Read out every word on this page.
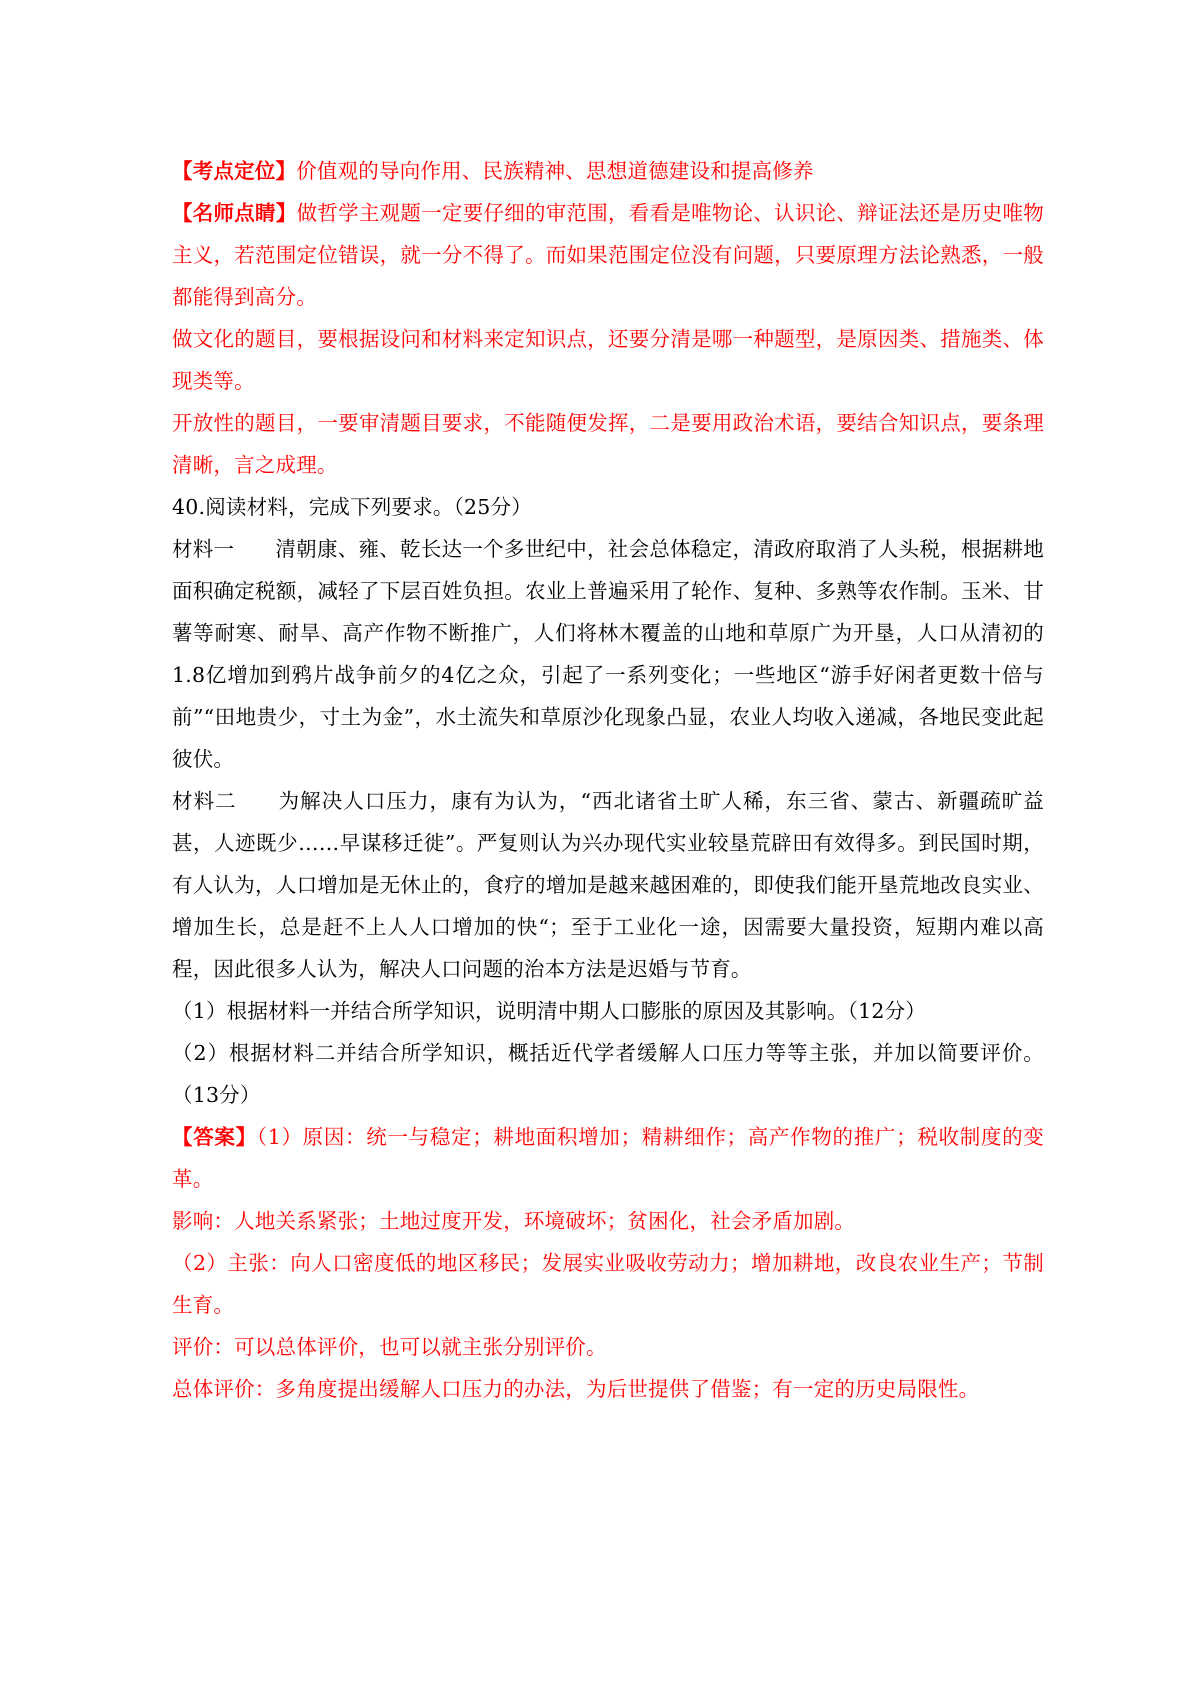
【考点定位】价值观的导向作用、民族精神、思想道德建设和提高修养

【名师点睛】做哲学主观题一定要仔细的审范围，看看是唯物论、认识论、辩证法还是历史唯物主义，若范围定位错误，就一分不得了。而如果范围定位没有问题，只要原理方法论熟悉，一般都能得到高分。

做文化的题目，要根据设问和材料来定知识点，还要分清是哪一种题型，是原因类、措施类、体现类等。

开放性的题目，一要审清题目要求，不能随便发挥，二是要用政治术语，要结合知识点，要条理清晰，言之成理。

40.阅读材料，完成下列要求。（25分）

材料一 清朝康、雍、乾长达一个多世纪中，社会总体稳定，清政府取消了人头税，根据耕地面积确定税额，减轻了下层百姓负担。农业上普遍采用了轮作、复种、多熟等农作制。玉米、甘薯等耐寒、耐旱、高产作物不断推广，人们将林木覆盖的山地和草原广为开垦，人口从清初的1.8亿增加到鸦片战争前夕的4亿之众，引起了一系列变化；一些地区“游手好闲者更数十倍与前”“田地贵少，寸土为金”，水土流失和草原沙化现象凸显，农业人均收入递减，各地民变此起彼伏。

材料二 为解决人口压力，康有为认为，“西北诸省土旷人稀，东三省、蒙古、新疆疏旷益甚，人迹既少……早谋移迁徙”。严复则认为兴办现代实业较垦荒辟田有效得多。到民国时期，有人认为，人口增加是无休止的，食疗的增加是越来越困难的，即使我们能开垦荒地改良实业、增加生长，总是赶不上人人口增加的快“；至于工业化一途，因需要大量投资，短期内难以高程，因此很多人认为，解决人口问题的治本方法是迟婚与节育。

（1）根据材料一并结合所学知识，说明清中期人口膨胀的原因及其影响。（12分）

（2）根据材料二并结合所学知识，概括近代学者缓解人口压力等等主张，并加以简要评价。（13分）

【答案】（1）原因：统一与稳定；耕地面积增加；精耕细作；高产作物的推广；税收制度的变革。

影响：人地关系紧张；土地过度开发，环境破坏；贫困化，社会矛盾加剧。

（2）主张：向人口密度低的地区移民；发展实业吸收劳动力；增加耕地，改良农业生产；节制生育。

评价：可以总体评价，也可以就主张分别评价。

总体评价：多角度提出缓解人口压力的办法，为后世提供了借鉴；有一定的历史局限性。
